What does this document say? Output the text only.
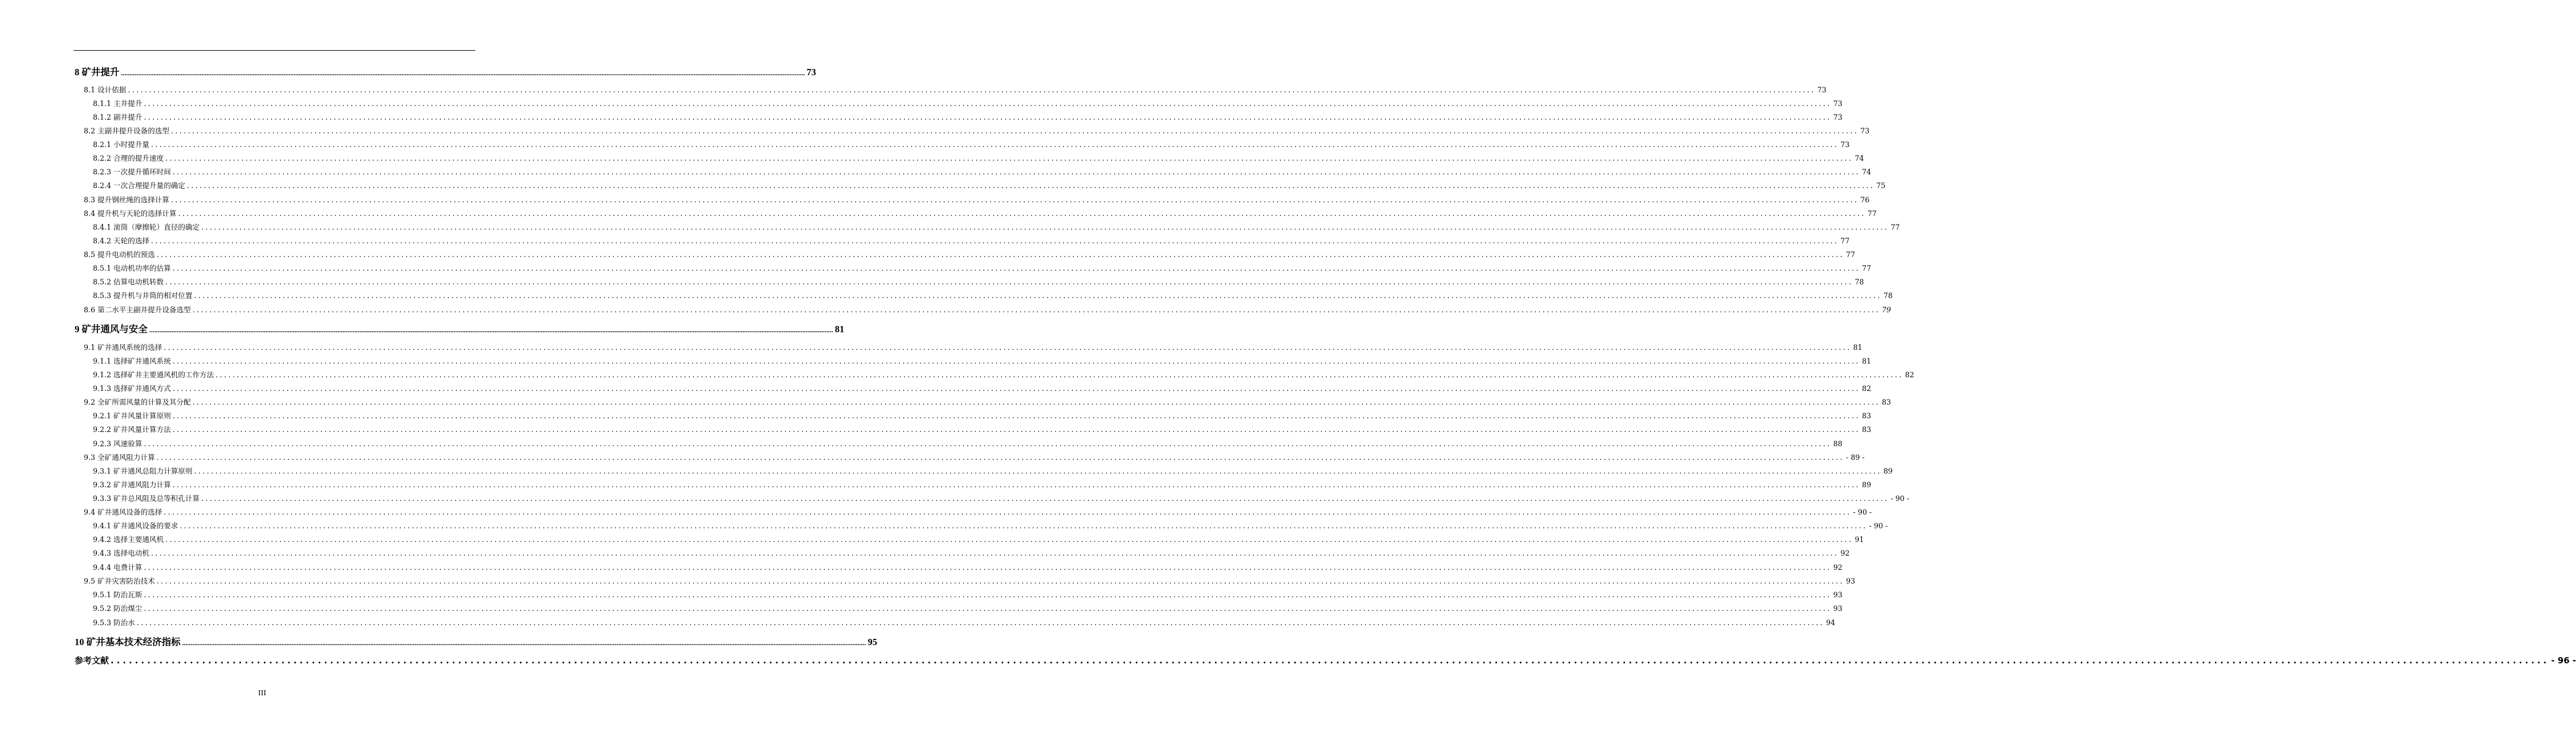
8 矿井提升 ................................................................................................................................................................................................................................................................................................................................................................................................................ 73
8.1 设计依据 ................................................................................................................................................................................................................................................................................................................................................................................................................ 73
8.1.1 主井提升 ................................................................................................................................................................................................................................................................................................................................................................................................................ 73
8.1.2 副井提升 ................................................................................................................................................................................................................................................................................................................................................................................................................ 73
8.2 主副井提升设备的选型 ................................................................................................................................................................................................................................................................................................................................................................................................................ 73
8.2.1 小时提升量 ................................................................................................................................................................................................................................................................................................................................................................................................................ 73
8.2.2 合理的提升速度 ................................................................................................................................................................................................................................................................................................................................................................................................................ 74
8.2.3 一次提升循环时间 ................................................................................................................................................................................................................................................................................................................................................................................................................ 74
8.2.4 一次合理提升量的确定 ................................................................................................................................................................................................................................................................................................................................................................................................................ 75
8.3 提升钢丝绳的选择计算 ................................................................................................................................................................................................................................................................................................................................................................................................................ 76
8.4 提升机与天轮的选择计算 ................................................................................................................................................................................................................................................................................................................................................................................................................ 77
8.4.1 滚筒（摩擦轮）直径的确定 ................................................................................................................................................................................................................................................................................................................................................................................................................ 77
8.4.2 天轮的选择 ................................................................................................................................................................................................................................................................................................................................................................................................................ 77
8.5 提升电动机的预选 ................................................................................................................................................................................................................................................................................................................................................................................................................ 77
8.5.1 电动机功率的估算 ................................................................................................................................................................................................................................................................................................................................................................................................................ 77
8.5.2 估算电动机转数 ................................................................................................................................................................................................................................................................................................................................................................................................................ 78
8.5.3 提升机与井筒的相对位置 ................................................................................................................................................................................................................................................................................................................................................................................................................ 78
8.6 第二水平主副井提升设备选型 ................................................................................................................................................................................................................................................................................................................................................................................................................ 79
9 矿井通风与安全 ................................................................................................................................................................................................................................................................................................................................................................................................................ 81
9.1 矿井通风系统的选择 ................................................................................................................................................................................................................................................................................................................................................................................................................ 81
9.1.1 选择矿井通风系统 ................................................................................................................................................................................................................................................................................................................................................................................................................ 81
9.1.2 选择矿井主要通风机的工作方法 ................................................................................................................................................................................................................................................................................................................................................................................................................ 82
9.1.3 选择矿井通风方式 ................................................................................................................................................................................................................................................................................................................................................................................................................ 82
9.2 全矿所需风量的计算及其分配 ................................................................................................................................................................................................................................................................................................................................................................................................................ 83
9.2.1 矿井风量计算原则 ................................................................................................................................................................................................................................................................................................................................................................................................................ 83
9.2.2 矿井风量计算方法 ................................................................................................................................................................................................................................................................................................................................................................................................................ 83
9.2.3 风速验算 ................................................................................................................................................................................................................................................................................................................................................................................................................ 88
9.3 全矿通风阻力计算 ................................................................................................................................................................................................................................................................................................................................................................................................................ - 89 -
9.3.1 矿井通风总阻力计算原则 ................................................................................................................................................................................................................................................................................................................................................................................................................ 89
9.3.2 矿井通风阻力计算 ................................................................................................................................................................................................................................................................................................................................................................................................................ 89
9.3.3 矿井总风阻及总等积孔计算 ................................................................................................................................................................................................................................................................................................................................................................................................................ - 90 -
9.4 矿井通风设备的选择 ................................................................................................................................................................................................................................................................................................................................................................................................................ - 90 -
9.4.1 矿井通风设备的要求 ................................................................................................................................................................................................................................................................................................................................................................................................................ - 90 -
9.4.2 选择主要通风机 ................................................................................................................................................................................................................................................................................................................................................................................................................ 91
9.4.3 选择电动机 ................................................................................................................................................................................................................................................................................................................................................................................................................ 92
9.4.4 电费计算 ................................................................................................................................................................................................................................................................................................................................................................................................................ 92
9.5 矿井灾害防治技术 ................................................................................................................................................................................................................................................................................................................................................................................................................ 93
9.5.1 防治瓦斯 ................................................................................................................................................................................................................................................................................................................................................................................................................ 93
9.5.2 防治煤尘 ................................................................................................................................................................................................................................................................................................................................................................................................................ 93
9.5.3 防治水 ................................................................................................................................................................................................................................................................................................................................................................................................................ 94
10 矿井基本技术经济指标 ................................................................................................................................................................................................................................................................................................................................................................................................................ 95
参考文献 ................................................................................................................................................................................................................................................................................................................................................................................................................ - 96 -
III
